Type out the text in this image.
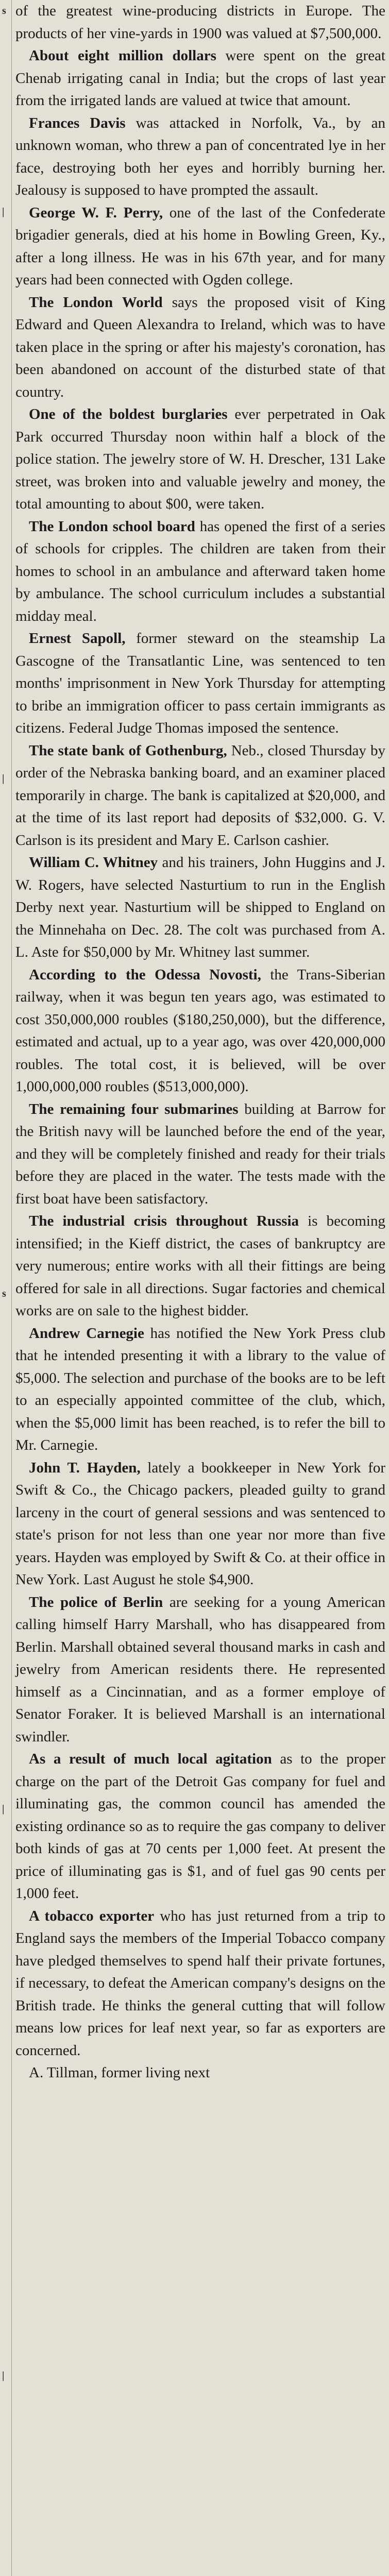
s
|
|
s
|
|

of the greatest wine-producing districts in Europe. The products of her vine-yards in 1900 was valued at $7,500,000.

About eight million dollars were spent on the great Chenab irrigating canal in India; but the crops of last year from the irrigated lands are valued at twice that amount.

Frances Davis was attacked in Norfolk, Va., by an unknown woman, who threw a pan of concentrated lye in her face, destroying both her eyes and horribly burning her. Jealousy is supposed to have prompted the assault.

George W. F. Perry, one of the last of the Confederate brigadier generals, died at his home in Bowling Green, Ky., after a long illness. He was in his 67th year, and for many years had been connected with Ogden college.

The London World says the proposed visit of King Edward and Queen Alexandra to Ireland, which was to have taken place in the spring or after his majesty's coronation, has been abandoned on account of the disturbed state of that country.

One of the boldest burglaries ever perpetrated in Oak Park occurred Thursday noon within half a block of the police station. The jewelry store of W. H. Drescher, 131 Lake street, was broken into and valuable jewelry and money, the total amounting to about $00, were taken.

The London school board has opened the first of a series of schools for cripples. The children are taken from their homes to school in an ambulance and afterward taken home by ambulance. The school curriculum includes a substantial midday meal.

Ernest Sapoll, former steward on the steamship La Gascogne of the Transatlantic Line, was sentenced to ten months' imprisonment in New York Thursday for attempting to bribe an immigration officer to pass certain immigrants as citizens. Federal Judge Thomas imposed the sentence.

The state bank of Gothenburg, Neb., closed Thursday by order of the Nebraska banking board, and an examiner placed temporarily in charge. The bank is capitalized at $20,000, and at the time of its last report had deposits of $32,000. G. V. Carlson is its president and Mary E. Carlson cashier.

William C. Whitney and his trainers, John Huggins and J. W. Rogers, have selected Nasturtium to run in the English Derby next year. Nasturtium will be shipped to England on the Minnehaha on Dec. 28. The colt was purchased from A. L. Aste for $50,000 by Mr. Whitney last summer.

According to the Odessa Novosti, the Trans-Siberian railway, when it was begun ten years ago, was estimated to cost 350,000,000 roubles ($180,250,000), but the difference, estimated and actual, up to a year ago, was over 420,000,000 roubles. The total cost, it is believed, will be over 1,000,000,000 roubles ($513,000,000).

The remaining four submarines building at Barrow for the British navy will be launched before the end of the year, and they will be completely finished and ready for their trials before they are placed in the water. The tests made with the first boat have been satisfactory.

The industrial crisis throughout Russia is becoming intensified; in the Kieff district, the cases of bankruptcy are very numerous; entire works with all their fittings are being offered for sale in all directions. Sugar factories and chemical works are on sale to the highest bidder.

Andrew Carnegie has notified the New York Press club that he intended presenting it with a library to the value of $5,000. The selection and purchase of the books are to be left to an especially appointed committee of the club, which, when the $5,000 limit has been reached, is to refer the bill to Mr. Carnegie.

John T. Hayden, lately a bookkeeper in New York for Swift & Co., the Chicago packers, pleaded guilty to grand larceny in the court of general sessions and was sentenced to state's prison for not less than one year nor more than five years. Hayden was employed by Swift & Co. at their office in New York. Last August he stole $4,900.

The police of Berlin are seeking for a young American calling himself Harry Marshall, who has disappeared from Berlin. Marshall obtained several thousand marks in cash and jewelry from American residents there. He represented himself as a Cincinnatian, and as a former employe of Senator Foraker. It is believed Marshall is an international swindler.

As a result of much local agitation as to the proper charge on the part of the Detroit Gas company for fuel and illuminating gas, the common council has amended the existing ordinance so as to require the gas company to deliver both kinds of gas at 70 cents per 1,000 feet. At present the price of illuminating gas is $1, and of fuel gas 90 cents per 1,000 feet.

A tobacco exporter who has just returned from a trip to England says the members of the Imperial Tobacco company have pledged themselves to spend half their private fortunes, if necessary, to defeat the American company's designs on the British trade. He thinks the general cutting that will follow means low prices for leaf next year, so far as exporters are concerned.

A. Tillman, former living next
